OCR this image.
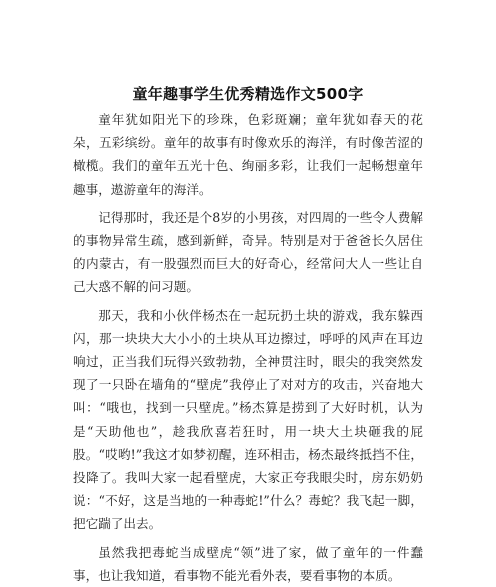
童年趣事学生优秀精选作文500字

童年犹如阳光下的珍珠，色彩斑斓；童年犹如春天的花朵，五彩缤纷。童年的故事有时像欢乐的海洋，有时像苦涩的橄榄。我们的童年五光十色、绚丽多彩，让我们一起畅想童年趣事，遨游童年的海洋。

记得那时，我还是个8岁的小男孩，对四周的一些令人费解的事物异常生疏，感到新鲜，奇异。特别是对于爸爸长久居住的内蒙古，有一股强烈而巨大的好奇心，经常问大人一些让自己大惑不解的问习题。

那天，我和小伙伴杨杰在一起玩扔土块的游戏，我东躲西闪，那一块块大大小小的土块从耳边擦过，呼呼的风声在耳边响过，正当我们玩得兴致勃勃，全神贯注时，眼尖的我突然发现了一只卧在墙角的“壁虎”我停止了对对方的攻击，兴奋地大叫：“哦也，找到一只壁虎。”杨杰算是捞到了大好时机，认为是“天助他也”，趁我欣喜若狂时，用一块大土块砸我的屁股。“哎哟!”我这才如梦初醒，连环相击，杨杰最终抵挡不住，投降了。我叫大家一起看壁虎，大家正夸我眼尖时，房东奶奶说：“不好，这是当地的一种毒蛇!”什么？毒蛇？我飞起一脚，把它踹了出去。

虽然我把毒蛇当成壁虎“领”进了家，做了童年的一件蠢事，也让我知道，看事物不能光看外表，要看事物的本质。
